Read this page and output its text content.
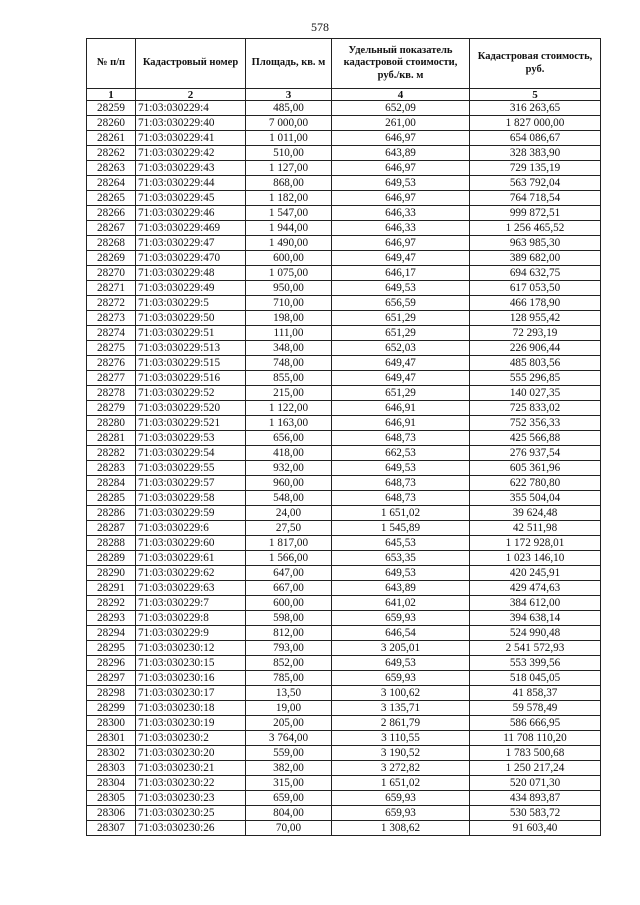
578
№ п/п	Кадастровый номер	Площадь, кв. м	Удельный показатель кадастровой стоимости, руб./кв. м	Кадастровая стоимость, руб.
1	2	3	4	5
28259	71:03:030229:4	485,00	652,09	316 263,65
28260	71:03:030229:40	7 000,00	261,00	1 827 000,00
28261	71:03:030229:41	1 011,00	646,97	654 086,67
28262	71:03:030229:42	510,00	643,89	328 383,90
28263	71:03:030229:43	1 127,00	646,97	729 135,19
28264	71:03:030229:44	868,00	649,53	563 792,04
28265	71:03:030229:45	1 182,00	646,97	764 718,54
28266	71:03:030229:46	1 547,00	646,33	999 872,51
28267	71:03:030229:469	1 944,00	646,33	1 256 465,52
28268	71:03:030229:47	1 490,00	646,97	963 985,30
28269	71:03:030229:470	600,00	649,47	389 682,00
28270	71:03:030229:48	1 075,00	646,17	694 632,75
28271	71:03:030229:49	950,00	649,53	617 053,50
28272	71:03:030229:5	710,00	656,59	466 178,90
28273	71:03:030229:50	198,00	651,29	128 955,42
28274	71:03:030229:51	111,00	651,29	72 293,19
28275	71:03:030229:513	348,00	652,03	226 906,44
28276	71:03:030229:515	748,00	649,47	485 803,56
28277	71:03:030229:516	855,00	649,47	555 296,85
28278	71:03:030229:52	215,00	651,29	140 027,35
28279	71:03:030229:520	1 122,00	646,91	725 833,02
28280	71:03:030229:521	1 163,00	646,91	752 356,33
28281	71:03:030229:53	656,00	648,73	425 566,88
28282	71:03:030229:54	418,00	662,53	276 937,54
28283	71:03:030229:55	932,00	649,53	605 361,96
28284	71:03:030229:57	960,00	648,73	622 780,80
28285	71:03:030229:58	548,00	648,73	355 504,04
28286	71:03:030229:59	24,00	1 651,02	39 624,48
28287	71:03:030229:6	27,50	1 545,89	42 511,98
28288	71:03:030229:60	1 817,00	645,53	1 172 928,01
28289	71:03:030229:61	1 566,00	653,35	1 023 146,10
28290	71:03:030229:62	647,00	649,53	420 245,91
28291	71:03:030229:63	667,00	643,89	429 474,63
28292	71:03:030229:7	600,00	641,02	384 612,00
28293	71:03:030229:8	598,00	659,93	394 638,14
28294	71:03:030229:9	812,00	646,54	524 990,48
28295	71:03:030230:12	793,00	3 205,01	2 541 572,93
28296	71:03:030230:15	852,00	649,53	553 399,56
28297	71:03:030230:16	785,00	659,93	518 045,05
28298	71:03:030230:17	13,50	3 100,62	41 858,37
28299	71:03:030230:18	19,00	3 135,71	59 578,49
28300	71:03:030230:19	205,00	2 861,79	586 666,95
28301	71:03:030230:2	3 764,00	3 110,55	11 708 110,20
28302	71:03:030230:20	559,00	3 190,52	1 783 500,68
28303	71:03:030230:21	382,00	3 272,82	1 250 217,24
28304	71:03:030230:22	315,00	1 651,02	520 071,30
28305	71:03:030230:23	659,00	659,93	434 893,87
28306	71:03:030230:25	804,00	659,93	530 583,72
28307	71:03:030230:26	70,00	1 308,62	91 603,40
